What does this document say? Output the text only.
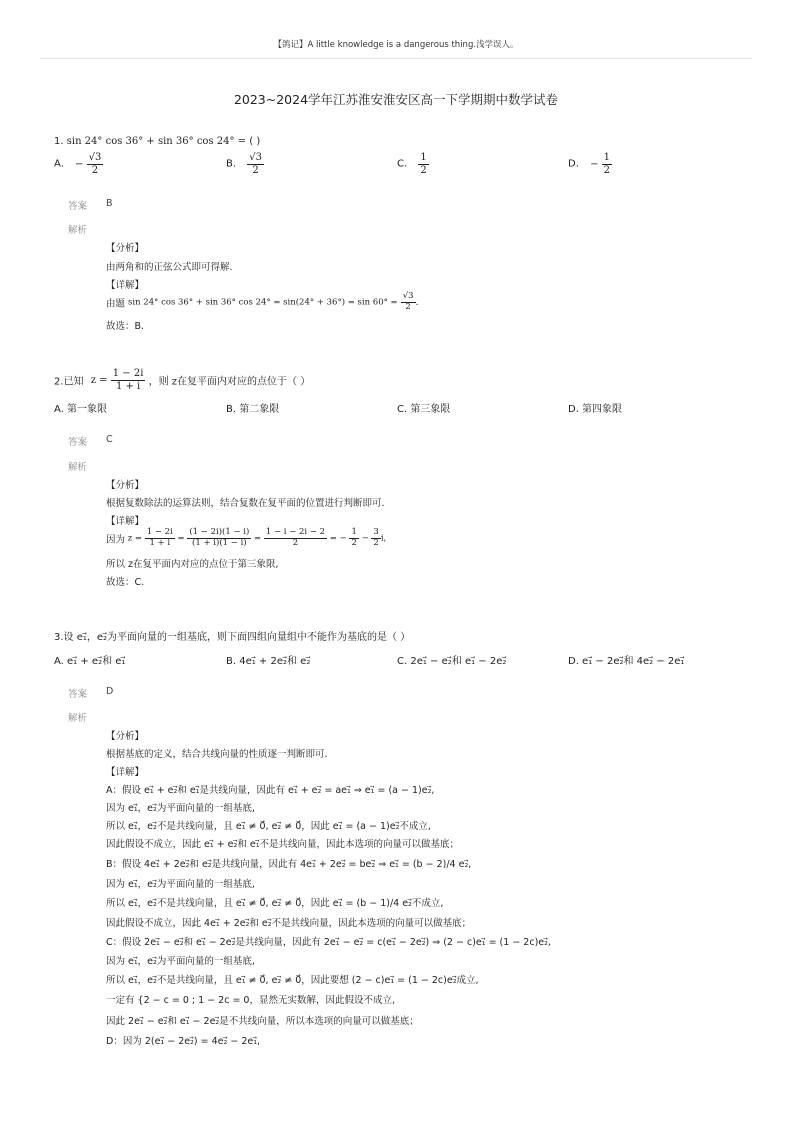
【鸽记】A little knowledge is a dangerous thing.浅学误人。
2023~2024学年江苏淮安淮安区高一下学期期中数学试卷
1. sin 24° cos 36° + sin 36° cos 24° = ( )
A. − $\frac{√3}{2}$	B. $\frac{√3}{2}$	C. $\frac{1}{2}$	D. − $\frac{1}{2}$
答案 B
解析
【分析】
由两角和的正弦公式即可得解.
【详解】
由题 sin 24° cos 36° + sin 36° $\cos 24^\circ = \sin(24^\circ + 36^\circ) = \sin 60^\circ = \frac{√3}{2}$ .
故选：B.
2.已知 $z = \frac{1 - 2i}{1 + i}$ ，则 z在复平面内对应的点位于（ ）
A. 第一象限	B. 第二象限	C. 第三象限	D. 第四象限
答案 C
解析
【分析】
根据复数除法的运算法则，结合复数在复平面的位置进行判断即可.
【详解】
因为 $z = \frac{1 - 2i}{1 + i} = \frac{(1 - 2i)(1 - i)}{(1 + i)(1 - i)} = \frac{1 - i - 2i - 2}{2}$ = − $\frac{1}{2} - \frac{3}{2} i$,
所以 z在复平面内对应的点位于第三象限,
故选：C.
3.设 e₁⃗，e₂⃗为平面向量的一组基底，则下面四组向量组中不能作为基底的是（ ）
A. e₁⃗ + e₂⃗和 e₁⃗	B. 4e₁⃗ + 2e₂⃗和 e₂⃗	C. 2e₁⃗ − e₂⃗和 e₁⃗ − 2e₂⃗	D. e₁⃗ − 2e₂⃗和 4e₂⃗ − 2e₁⃗
答案 D
解析
【分析】
根据基底的定义，结合共线向量的性质逐一判断即可.
【详解】
A：假设 e₁⃗ + e₂⃗和 e₁⃗是共线向量，因此有 e₁⃗ + e₂⃗ = ae₁⃗ ⇒ e₁⃗ = (a − 1)e₂⃗,
因为 e₁⃗，e₂⃗为平面向量的一组基底,
所以 e₁⃗，e₂⃗不是共线向量，且 e₁⃗ ≠ 0⃗, e₂⃗ ≠ 0⃗，因此 e₁⃗ = (a − 1)e₂⃗不成立,
因此假设不成立，因此 e₁⃗ + e₂⃗和 e₁⃗不是共线向量，因此本选项的向量可以做基底；
B：假设 4e₁⃗ + 2e₂⃗和 e₂⃗是共线向量，因此有 4e₁⃗ + 2e₂⃗ = be₂⃗ ⇒ e₁⃗ = (b − 2)/4 e₂⃗,
因为 e₁⃗，e₂⃗为平面向量的一组基底,
所以 e₁⃗，e₂⃗不是共线向量，且 e₁⃗ ≠ 0⃗, e₂⃗ ≠ 0⃗，因此 e₁⃗ = (b − 1)/4 e₂⃗不成立,
因此假设不成立，因此 4e₁⃗ + 2e₂⃗和 e₂⃗不是共线向量，因此本选项的向量可以做基底；
C：假设 2e₁⃗ − e₂⃗和 e₁⃗ − 2e₂⃗是共线向量，因此有 2e₁⃗ − e₂⃗ = c(e₁⃗ − 2e₂⃗) ⇒ (2 − c)e₁⃗ = (1 − 2c)e₂⃗,
因为 e₁⃗，e₂⃗为平面向量的一组基底,
所以 e₁⃗，e₂⃗不是共线向量，且 e₁⃗ ≠ 0⃗, e₂⃗ ≠ 0⃗，因此要想 (2 − c)e₁⃗ = (1 − 2c)e₂⃗成立,
一定有 {2 − c = 0 ; 1 − 2c = 0，显然无实数解，因此假设不成立,
因此 2e₁⃗ − e₂⃗和 e₁⃗ − 2e₂⃗是不共线向量，所以本选项的向量可以做基底；
D：因为 2(e₁⃗ − 2e₂⃗) = 4e₂⃗ − 2e₁⃗,
